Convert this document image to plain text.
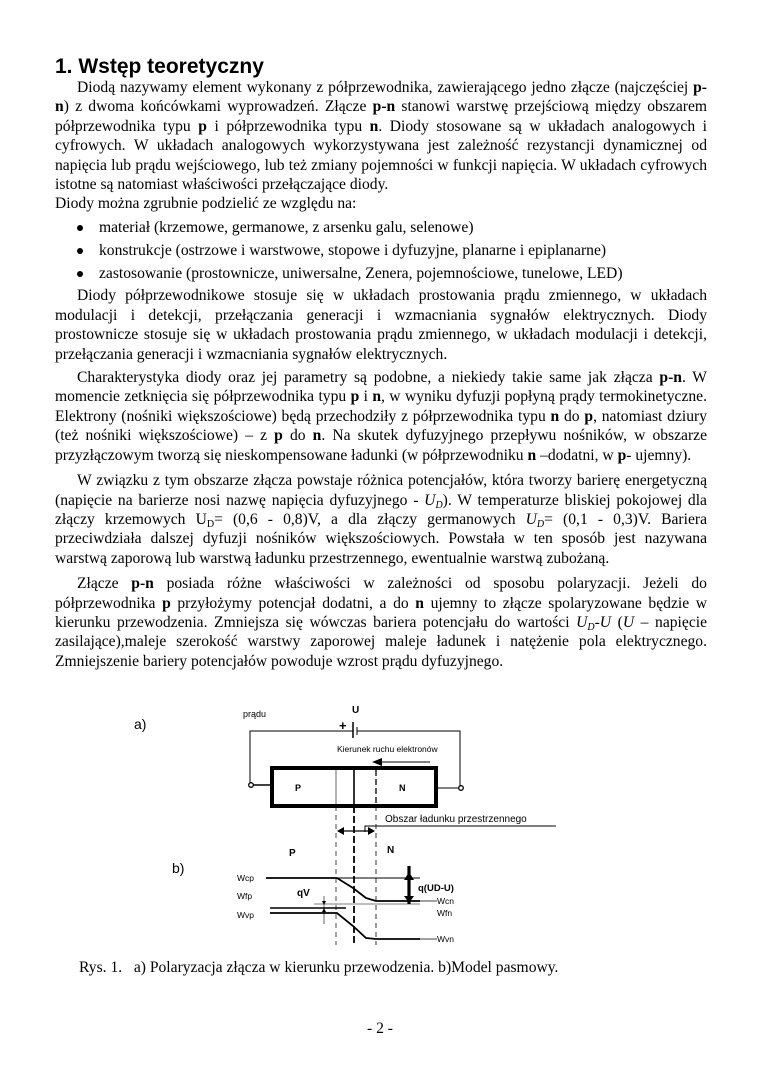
1. Wstęp teoretyczny

Diodą nazywamy element wykonany z półprzewodnika, zawierającego jedno złącze (najczęściej p-n) z dwoma końcówkami wyprowadzeń. Złącze p-n stanowi warstwę przejściową między obszarem półprzewodnika typu p i półprzewodnika typu n. Diody stosowane są w układach analogowych i cyfrowych. W układach analogowych wykorzystywana jest zależność rezystancji dynamicznej od napięcia lub prądu wejściowego, lub też zmiany pojemności w funkcji napięcia. W układach cyfrowych istotne są natomiast właściwości przełączające diody.

Diody można zgrubnie podzielić ze względu na:

materiał (krzemowe, germanowe, z arsenku galu, selenowe)
konstrukcje (ostrzowe i warstwowe, stopowe i dyfuzyjne, planarne i epiplanarne)
zastosowanie (prostownicze, uniwersalne, Zenera, pojemnościowe, tunelowe, LED)

Diody półprzewodnikowe stosuje się w układach prostowania prądu zmiennego, w układach modulacji i detekcji, przełączania generacji i wzmacniania sygnałów elektrycznych. Diody prostownicze stosuje się w układach prostowania prądu zmiennego, w układach modulacji i detekcji, przełączania generacji i wzmacniania sygnałów elektrycznych.

Charakterystyka diody oraz jej parametry są podobne, a niekiedy takie same jak złącza p-n. W momencie zetknięcia się półprzewodnika typu p i n, w wyniku dyfuzji popłyną prądy termokinetyczne. Elektrony (nośniki większościowe) będą przechodziły z półprzewodnika typu n do p, natomiast dziury (też nośniki większościowe) – z p do n. Na skutek dyfuzyjnego przepływu nośników, w obszarze przyzłączowym tworzą się nieskompensowane ładunki (w półprzewodniku n –dodatni, w p- ujemny).

W związku z tym obszarze złącza powstaje różnica potencjałów, która tworzy barierę energetyczną (napięcie na barierze nosi nazwę napięcia dyfuzyjnego - $U_D$). W temperaturze bliskiej pokojowej dla złączy krzemowych $U_D= (0,6 - 0,8)V$, a dla złączy germanowych $U_D= (0,1 - 0,3)V$. Bariera przeciwdziała dalszej dyfuzji nośników większościowych. Powstała w ten sposób jest nazywana warstwą zaporową lub warstwą ładunku przestrzennego, ewentualnie warstwą zubożaną.

Złącze p-n posiada różne właściwości w zależności od sposobu polaryzacji. Jeżeli do półprzewodnika p przyłożymy potencjał dodatni, a do n ujemny to złącze spolaryzowane będzie w kierunku przewodzenia. Zmniejsza się wówczas bariera potencjału do wartości $U_D-U$ (U – napięcie zasilające),maleje szerokość warstwy zaporowej maleje ładunek i natężenie pola elektrycznego. Zmniejszenie bariery potencjałów powoduje wzrost prądu dyfuzyjnego.

a)
b)
prądu	U
+
Kierunek ruchu elektronów
P	N
Obszar ładunku przestrzennego
P	N
Wcp
Wfp
Wvp
qV	q(UD-U)
Wcn
Wfn
Wvn
Rys. 1.   a) Polaryzacja złącza w kierunku przewodzenia. b)Model pasmowy.
- 2 -
